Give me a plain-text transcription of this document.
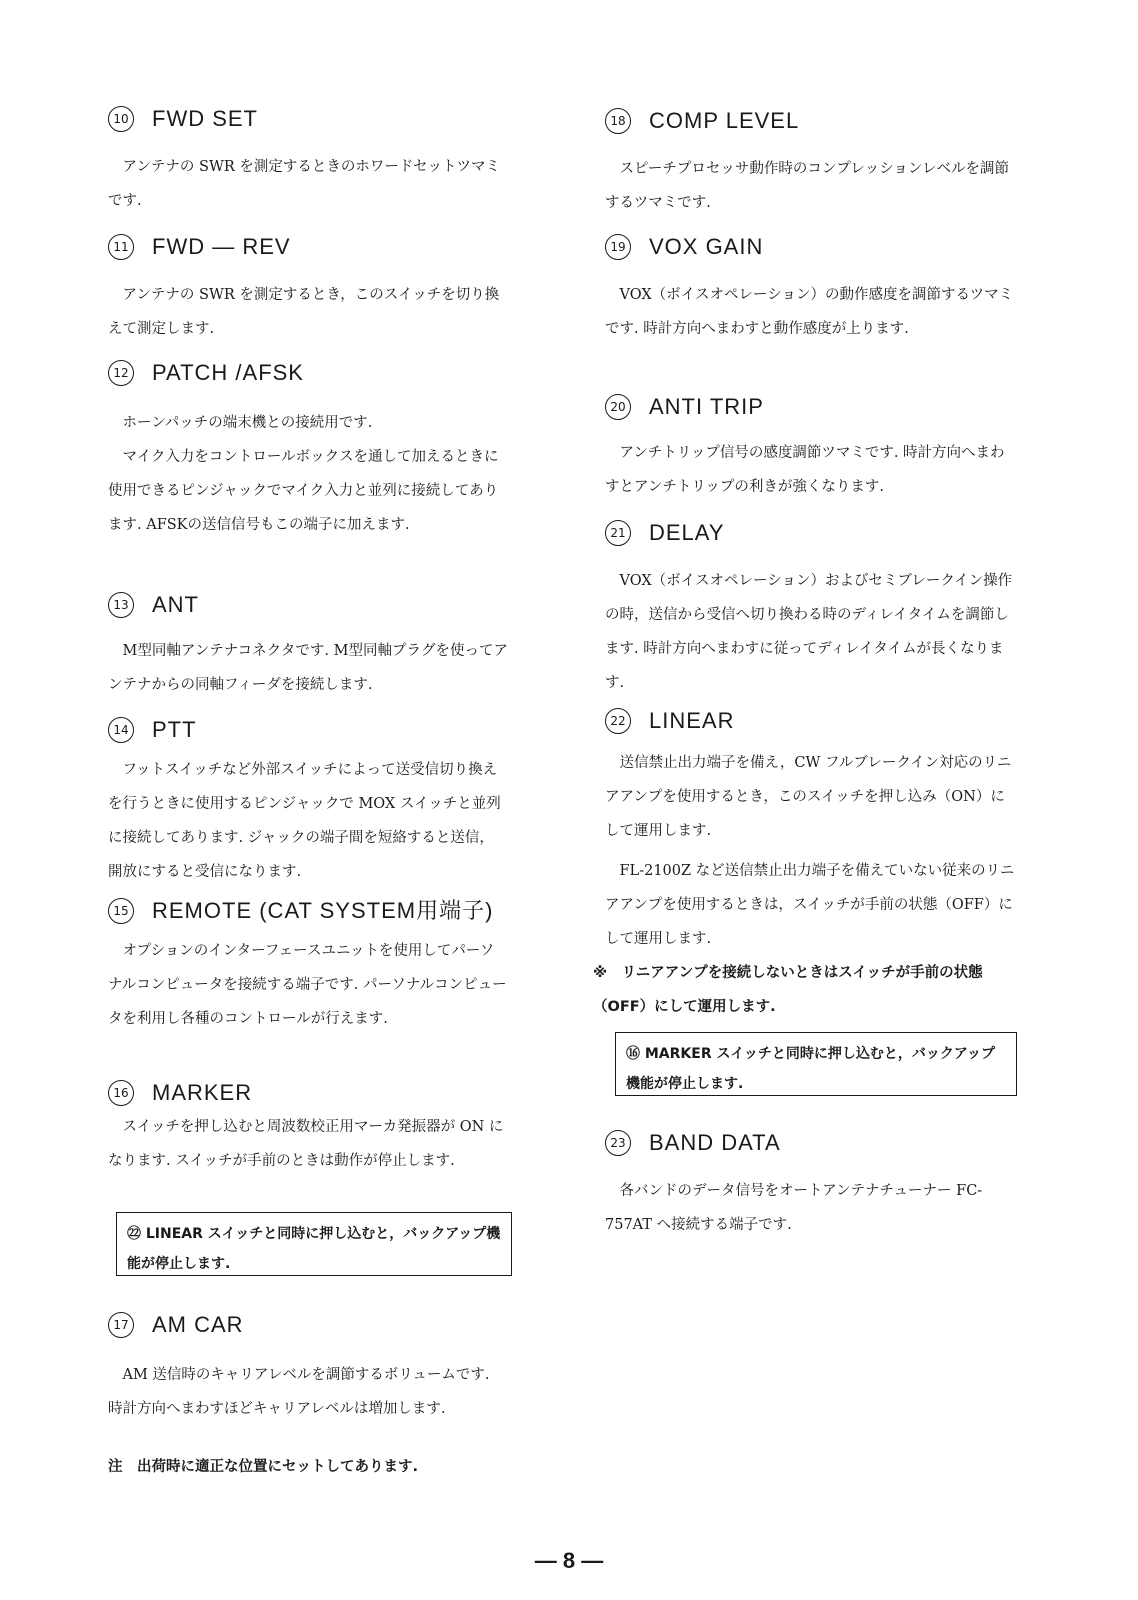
10 FWD SET

アンテナの SWR を測定するときのホワードセットツマミです.

11 FWD — REV

アンテナの SWR を測定するとき，このスイッチを切り換えて測定します.

12 PATCH /AFSK

ホーンパッチの端末機との接続用です.

マイク入力をコントロールボックスを通して加えるときに使用できるピンジャックでマイク入力と並列に接続してあります. AFSKの送信信号もこの端子に加えます.

13 ANT

M型同軸アンテナコネクタです. M型同軸プラグを使ってアンテナからの同軸フィーダを接続します.

14 PTT

フットスイッチなど外部スイッチによって送受信切り換えを行うときに使用するピンジャックで MOX スイッチと並列に接続してあります. ジャックの端子間を短絡すると送信，開放にすると受信になります.

15 REMOTE (CAT SYSTEM用端子)

オプションのインターフェースユニットを使用してパーソナルコンピュータを接続する端子です. パーソナルコンピュータを利用し各種のコントロールが行えます.

16 MARKER

スイッチを押し込むと周波数校正用マーカ発振器が ON になります. スイッチが手前のときは動作が停止します.

㉒ LINEAR スイッチと同時に押し込むと，バックアップ機能が停止します.
17 AM CAR

AM 送信時のキャリアレベルを調節するボリュームです. 時計方向へまわすほどキャリアレベルは増加します.

注　出荷時に適正な位置にセットしてあります.

18 COMP LEVEL

スピーチプロセッサ動作時のコンプレッションレベルを調節するツマミです.

19 VOX GAIN

VOX（ボイスオペレーション）の動作感度を調節するツマミです. 時計方向へまわすと動作感度が上ります.

20 ANTI TRIP

アンチトリップ信号の感度調節ツマミです. 時計方向へまわすとアンチトリップの利きが強くなります.

21 DELAY

VOX（ボイスオペレーション）およびセミブレークイン操作の時，送信から受信へ切り換わる時のディレイタイムを調節します. 時計方向へまわすに従ってディレイタイムが長くなります.

22 LINEAR

送信禁止出力端子を備え，CW フルブレークイン対応のリニアアンプを使用するとき，このスイッチを押し込み（ON）にして運用します.

FL-2100Z など送信禁止出力端子を備えていない従来のリニアアンプを使用するときは，スイッチが手前の状態（OFF）にして運用します.

※　リニアアンプを接続しないときはスイッチが手前の状態（OFF）にして運用します.

⑯ MARKER スイッチと同時に押し込むと，バックアップ機能が停止します.
23 BAND DATA

各バンドのデータ信号をオートアンテナチューナー FC-757AT へ接続する端子です.

— 8 —
